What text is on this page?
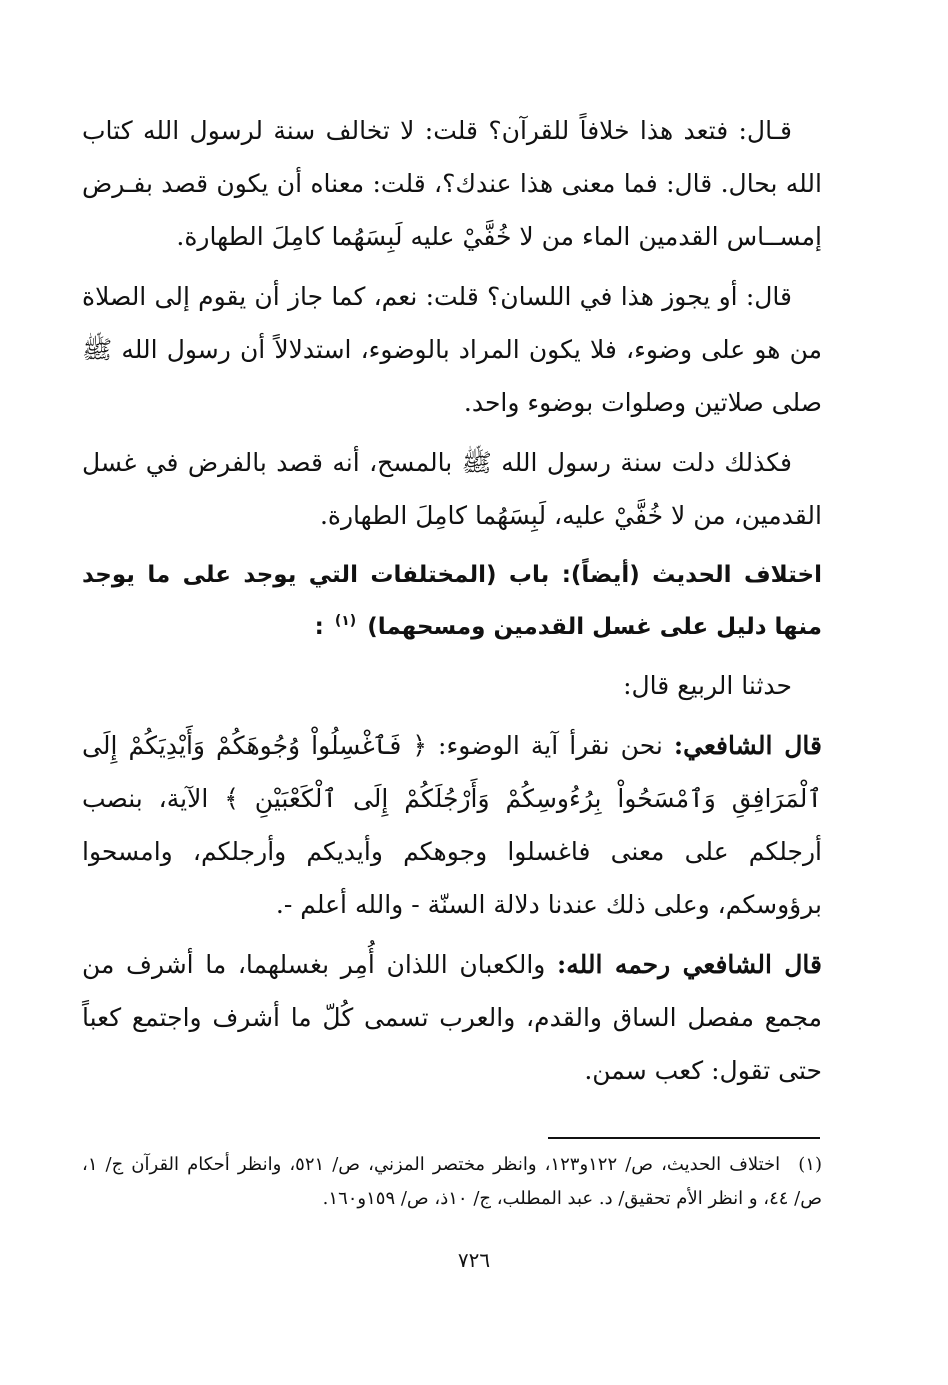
قـال: فتعد هذا خلافاً للقرآن؟ قلت: لا تخالف سنة لرسول الله كتاب الله بحال. قال: فما معنى هذا عندك؟، قلت: معناه أن يكون قصد بفـرض إمســاس القدمين الماء من لا خُفَّيْ عليه لَبِسَهُما كامِلَ الطهارة.

قال: أو يجوز هذا في اللسان؟ قلت: نعم، كما جاز أن يقوم إلى الصلاة من هو على وضوء، فلا يكون المراد بالوضوء، استدلالاً أن رسول الله ﷺ صلى صلاتين وصلوات بوضوء واحد.

فكذلك دلت سنة رسول الله ﷺ بالمسح، أنه قصد بالفرض في غسل القدمين، من لا خُفَّيْ عليه، لَبِسَهُما كامِلَ الطهارة.

اختلاف الحديث (أيضاً): باب (المختلفات التي يوجد على ما يوجد منها دليل على غسل القدمين ومسحهما) $^{(١)}$ :

حدثنا الربيع قال:

قال الشافعي: نحن نقرأ آية الوضوء: ﴿ فَٱغْسِلُواْ وُجُوهَكُمْ وَأَيْدِيَكُمْ إِلَى ٱلْمَرَافِقِ وَٱمْسَحُواْ بِرُءُوسِكُمْ وَأَرْجُلَكُمْ إِلَى ٱلْكَعْبَيْنِ ﴾ الآية، بنصب أرجلكم على معنى فاغسلوا وجوهكم وأيديكم وأرجلكم، وامسحوا برؤوسكم، وعلى ذلك عندنا دلالة السنّة - والله أعلم -.

قال الشافعي رحمه الله: والكعبان اللذان أُمِر بغسلهما، ما أشرف من مجمع مفصل الساق والقدم، والعرب تسمى كُلّ ما أشرف واجتمع كعباً حتى تقول: كعب سمن.

(١) اختلاف الحديث، ص/ ١٢٢و١٢٣، وانظر مختصر المزني، ص/ ٥٢١، وانظر أحكام القرآن ج/ ١، ص/ ٤٤، و انظر الأم تحقيق/ د. عبد المطلب، ج/ ١٠ذ، ص/ ١٥٩و١٦٠.
٧٢٦
